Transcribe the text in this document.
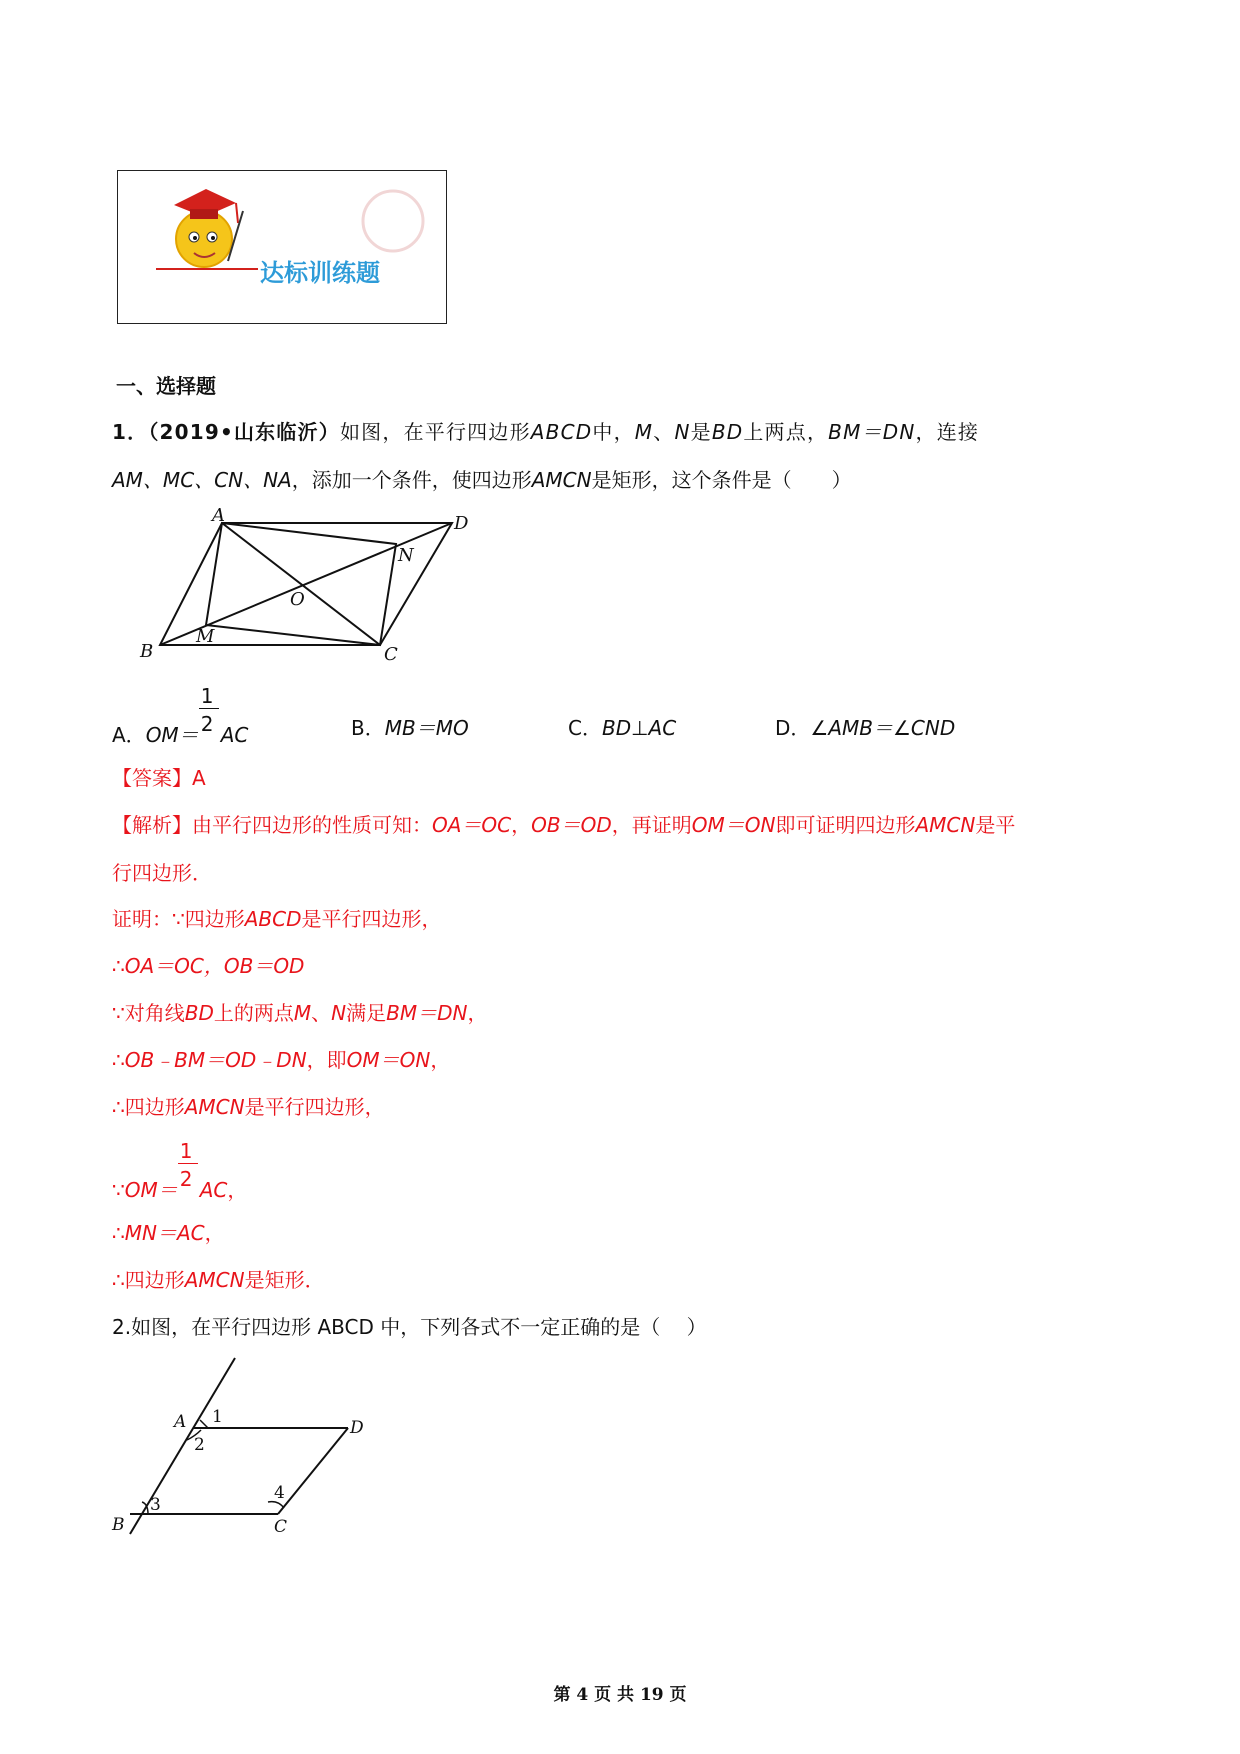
达标训练题
一、选择题
1．（2019•山东临沂）如图，在平行四边形ABCD中，M、N是BD上两点，BM＝DN，连接
AM、MC、CN、NA，添加一个条件，使四边形AMCN是矩形，这个条件是（　　）
A	D
B	C
M
N
O
A．$OM= \frac{1}{2}$ AC	B．MB＝MO	C．BD⊥AC	D．∠AMB＝∠CND
【答案】A
【解析】由平行四边形的性质可知：OA＝OC，OB＝OD，再证明OM＝ON即可证明四边形AMCN是平
行四边形．
证明：∵四边形ABCD是平行四边形，
∴OA＝OC，OB＝OD
∵对角线BD上的两点M、N满足BM＝DN，
∴OB﹣BM＝OD﹣DN，即OM＝ON，
∴四边形AMCN是平行四边形，
∵OM＝ $\frac{1}{2}$ AC，
∴MN＝AC，
∴四边形AMCN是矩形．
2.如图，在平行四边形 ABCD 中，下列各式不一定正确的是（　 ）
A	D
B	C
1
2
3
4
第 4 页 共 19 页
